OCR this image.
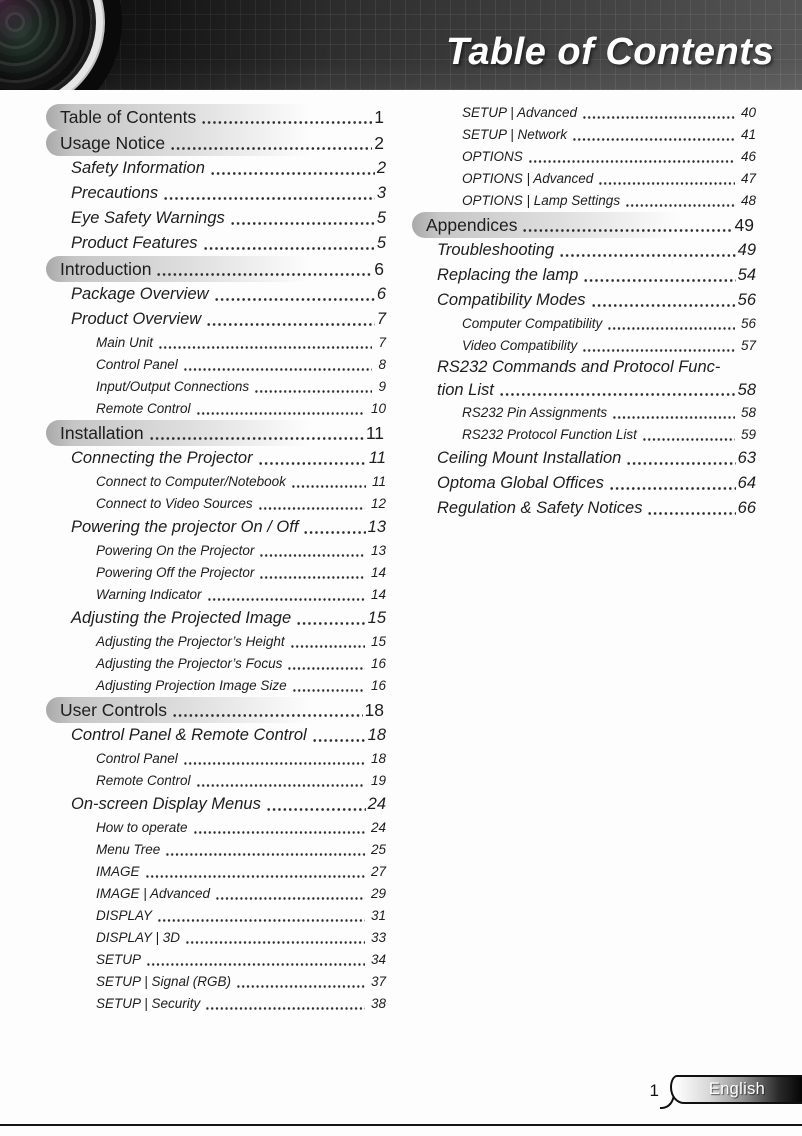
Table of Contents
Table of Contents	1
Usage Notice	2
Safety Information	2
Precautions	3
Eye Safety Warnings	5
Product Features	5
Introduction	6
Package Overview	6
Product Overview	7
Main Unit	7
Control Panel	8
Input/Output Connections	9
Remote Control	10
Installation	11
Connecting the Projector	11
Connect to Computer/Notebook	11
Connect to Video Sources	12
Powering the projector On / Off	13
Powering On the Projector	13
Powering Off the Projector	14
Warning Indicator	14
Adjusting the Projected Image	15
Adjusting the Projector’s Height	15
Adjusting the Projector’s Focus	16
Adjusting Projection Image Size	16
User Controls	18
Control Panel & Remote Control	18
Control Panel	18
Remote Control	19
On-screen Display Menus	24
How to operate	24
Menu Tree	25
IMAGE	27
IMAGE | Advanced	29
DISPLAY	31
DISPLAY | 3D	33
SETUP	34
SETUP | Signal (RGB)	37
SETUP | Security	38
SETUP | Advanced	40
SETUP | Network	41
OPTIONS	46
OPTIONS | Advanced	47
OPTIONS | Lamp Settings	48
Appendices	49
Troubleshooting	49
Replacing the lamp	54
Compatibility Modes	56
Computer Compatibility	56
Video Compatibility	57
RS232 Commands and Protocol Func-
tion List	58
RS232 Pin Assignments	58
RS232 Protocol Function List	59
Ceiling Mount Installation	63
Optoma Global Offices	64
Regulation & Safety Notices	66
1	English
